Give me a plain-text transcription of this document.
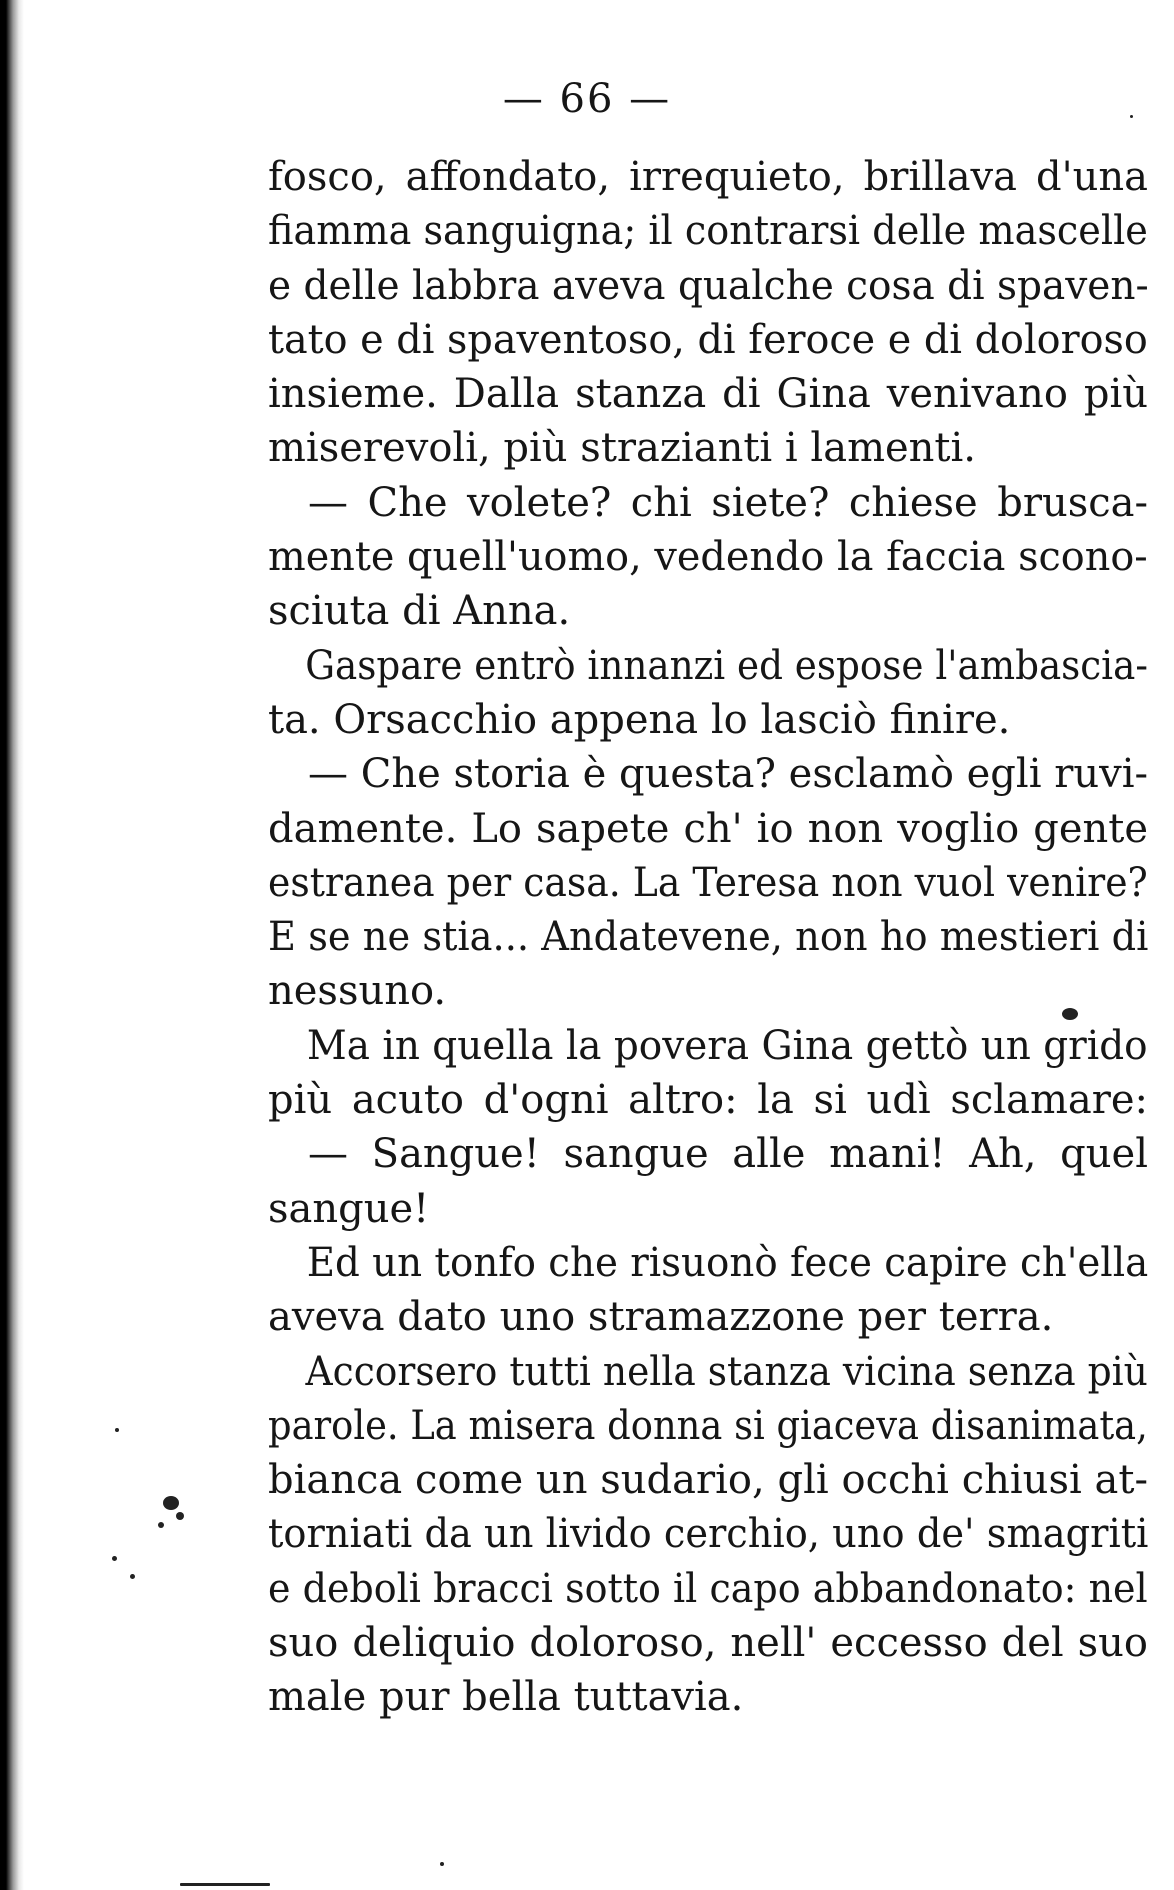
— 66 —
fosco, affondato, irrequieto, brillava d'una
fiamma sanguigna; il contrarsi delle mascelle
e delle labbra aveva qualche cosa di spaven-
tato e di spaventoso, di feroce e di doloroso
insieme. Dalla stanza di Gina venivano più
miserevoli, più strazianti i lamenti.
— Che volete? chi siete? chiese brusca-
mente quell'uomo, vedendo la faccia scono-
sciuta di Anna.
Gaspare entrò innanzi ed espose l'ambascia-
ta. Orsacchio appena lo lasciò finire.
— Che storia è questa? esclamò egli ruvi-
damente. Lo sapete ch' io non voglio gente
estranea per casa. La Teresa non vuol venire?
E se ne stia... Andatevene, non ho mestieri di
nessuno.
Ma in quella la povera Gina gettò un grido
più acuto d'ogni altro: la si udì sclamare:
— Sangue! sangue alle mani! Ah, quel
sangue!
Ed un tonfo che risuonò fece capire ch'ella
aveva dato uno stramazzone per terra.
Accorsero tutti nella stanza vicina senza più
parole. La misera donna si giaceva disanimata,
bianca come un sudario, gli occhi chiusi at-
torniati da un livido cerchio, uno de' smagriti
e deboli bracci sotto il capo abbandonato: nel
suo deliquio doloroso, nell' eccesso del suo
male pur bella tuttavia.
